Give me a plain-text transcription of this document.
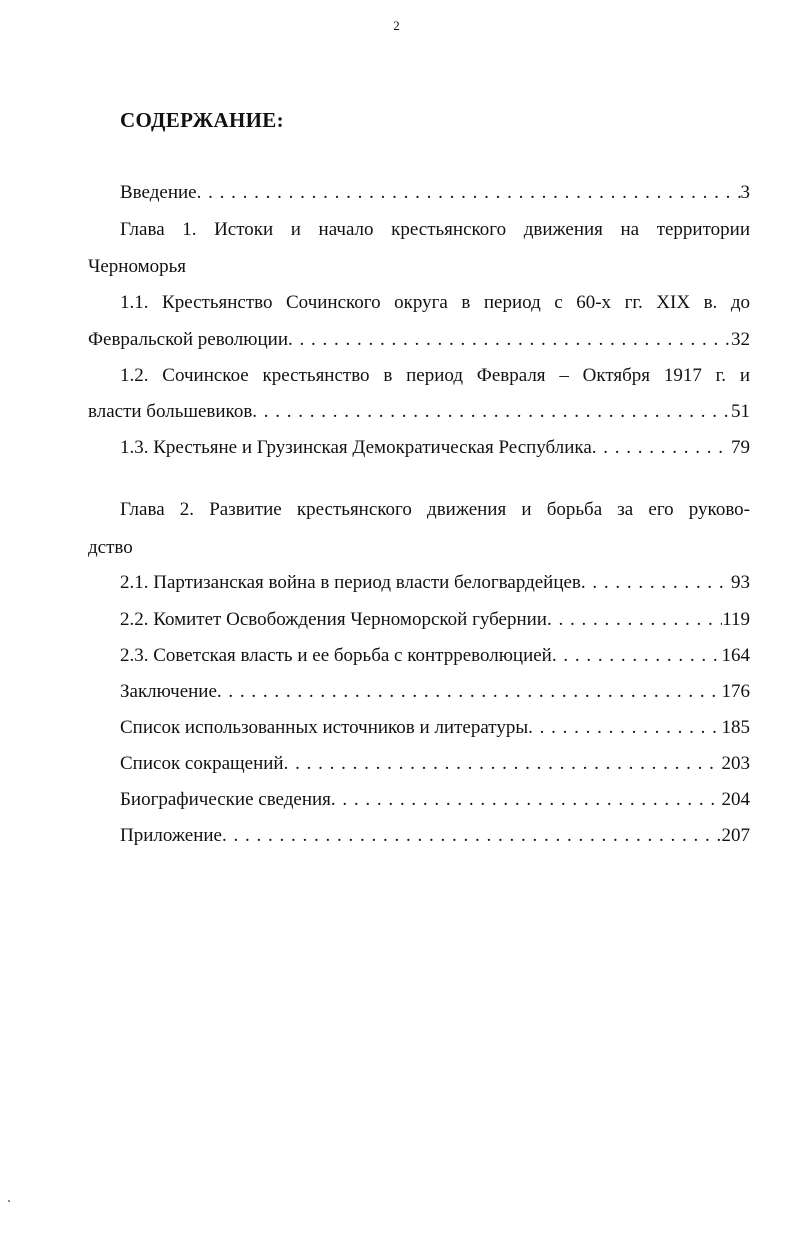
2
СОДЕРЖАНИЕ:
Введение . . .	3
Глава 1. Истоки и начало крестьянского движения на территории
Черноморья
1.1. Крестьянство Сочинского округа в период с 60-х гг. XIX в. до
Февральской революции . . .	32
1.2. Сочинское крестьянство в период Февраля – Октября 1917 г. и
власти большевиков . . .	51
1.3. Крестьяне и Грузинская Демократическая Республика . . .	79
Глава 2. Развитие крестьянского движения и борьба за его руково-
дство
2.1. Партизанская война в период власти белогвардейцев . . .	93
2.2. Комитет Освобождения Черноморской губернии . . .	119
2.3. Советская власть и ее борьба с контрреволюцией . . .	164
Заключение . . .	176
Список использованных источников и литературы . . .	185
Список сокращений . . .	203
Биографические сведения . . .	204
Приложение . . .	207
